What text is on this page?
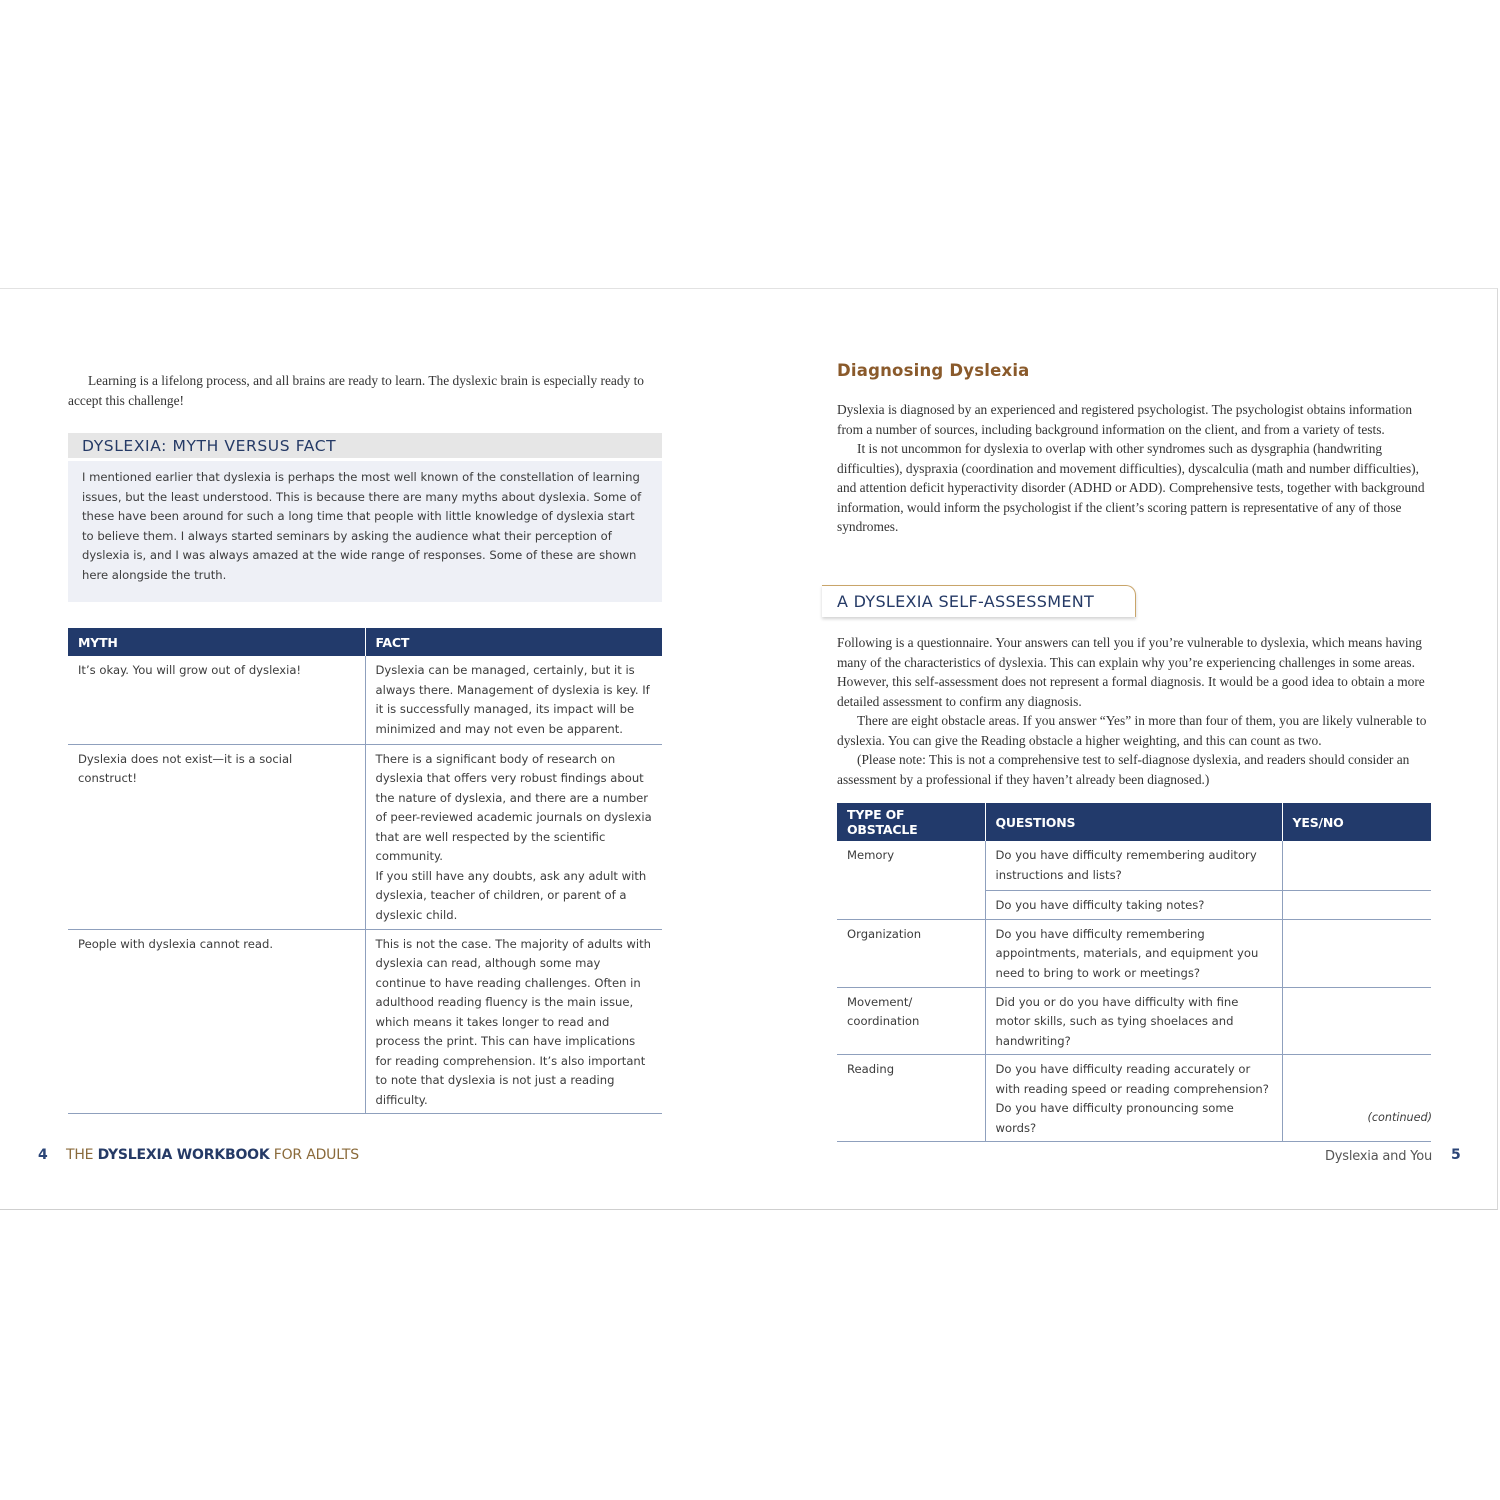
Learning is a lifelong process, and all brains are ready to learn. The dyslexic brain is especially ready to accept this challenge!

DYSLEXIA: MYTH VERSUS FACT

I mentioned earlier that dyslexia is perhaps the most well known of the constellation of learning issues, but the least understood. This is because there are many myths about dyslexia. Some of these have been around for such a long time that people with little knowledge of dyslexia start to believe them. I always started seminars by asking the audience what their perception of dyslexia is, and I was always amazed at the wide range of responses. Some of these are shown here alongside the truth.

MYTH	FACT
It’s okay. You will grow out of dyslexia!	Dyslexia can be managed, certainly, but it is always there. Management of dyslexia is key. If it is successfully managed, its impact will be minimized and may not even be apparent.

Dyslexia does not exist—it is a social construct!	There is a significant body of research on dyslexia that offers very robust findings about the nature of dyslexia, and there are a number of peer-reviewed academic journals on dyslexia that are well respected by the scientific community.
If you still have any doubts, ask any adult with dyslexia, teacher of children, or parent of a dyslexic child.

People with dyslexia cannot read.	This is not the case. The majority of adults with dyslexia can read, although some may continue to have reading challenges. Often in adulthood reading fluency is the main issue, which means it takes longer to read and process the print. This can have implications for reading comprehension. It’s also important to note that dyslexia is not just a reading difficulty.
4 THE DYSLEXIA WORKBOOK FOR ADULTS
Diagnosing Dyslexia

Dyslexia is diagnosed by an experienced and registered psychologist. The psychologist obtains information from a number of sources, including background information on the client, and from a variety of tests.

It is not uncommon for dyslexia to overlap with other syndromes such as dysgraphia (handwriting difficulties), dyspraxia (coordination and movement difficulties), dyscalculia (math and number difficulties), and attention deficit hyperactivity disorder (ADHD or ADD). Comprehensive tests, together with background information, would inform the psychologist if the client’s scoring pattern is representative of any of those syndromes.

A DYSLEXIA SELF-ASSESSMENT

Following is a questionnaire. Your answers can tell you if you’re vulnerable to dyslexia, which means having many of the characteristics of dyslexia. This can explain why you’re experiencing challenges in some areas. However, this self-assessment does not represent a formal diagnosis. It would be a good idea to obtain a more detailed assessment to confirm any diagnosis.

There are eight obstacle areas. If you answer “Yes” in more than four of them, you are likely vulnerable to dyslexia. You can give the Reading obstacle a higher weighting, and this can count as two.

(Please note: This is not a comprehensive test to self-diagnose dyslexia, and readers should consider an assessment by a professional if they haven’t already been diagnosed.)

TYPE OF OBSTACLE	QUESTIONS	YES/NO
Memory	Do you have difficulty remembering auditory instructions and lists?	
	Do you have difficulty taking notes?	
Organization	Do you have difficulty remembering appointments, materials, and equipment you need to bring to work or meetings?	
Movement/ coordination	Did you or do you have difficulty with fine motor skills, such as tying shoelaces and handwriting?	
Reading	Do you have difficulty reading accurately or with reading speed or reading comprehension? Do you have difficulty pronouncing some words?	
(continued)
Dyslexia and You 5
